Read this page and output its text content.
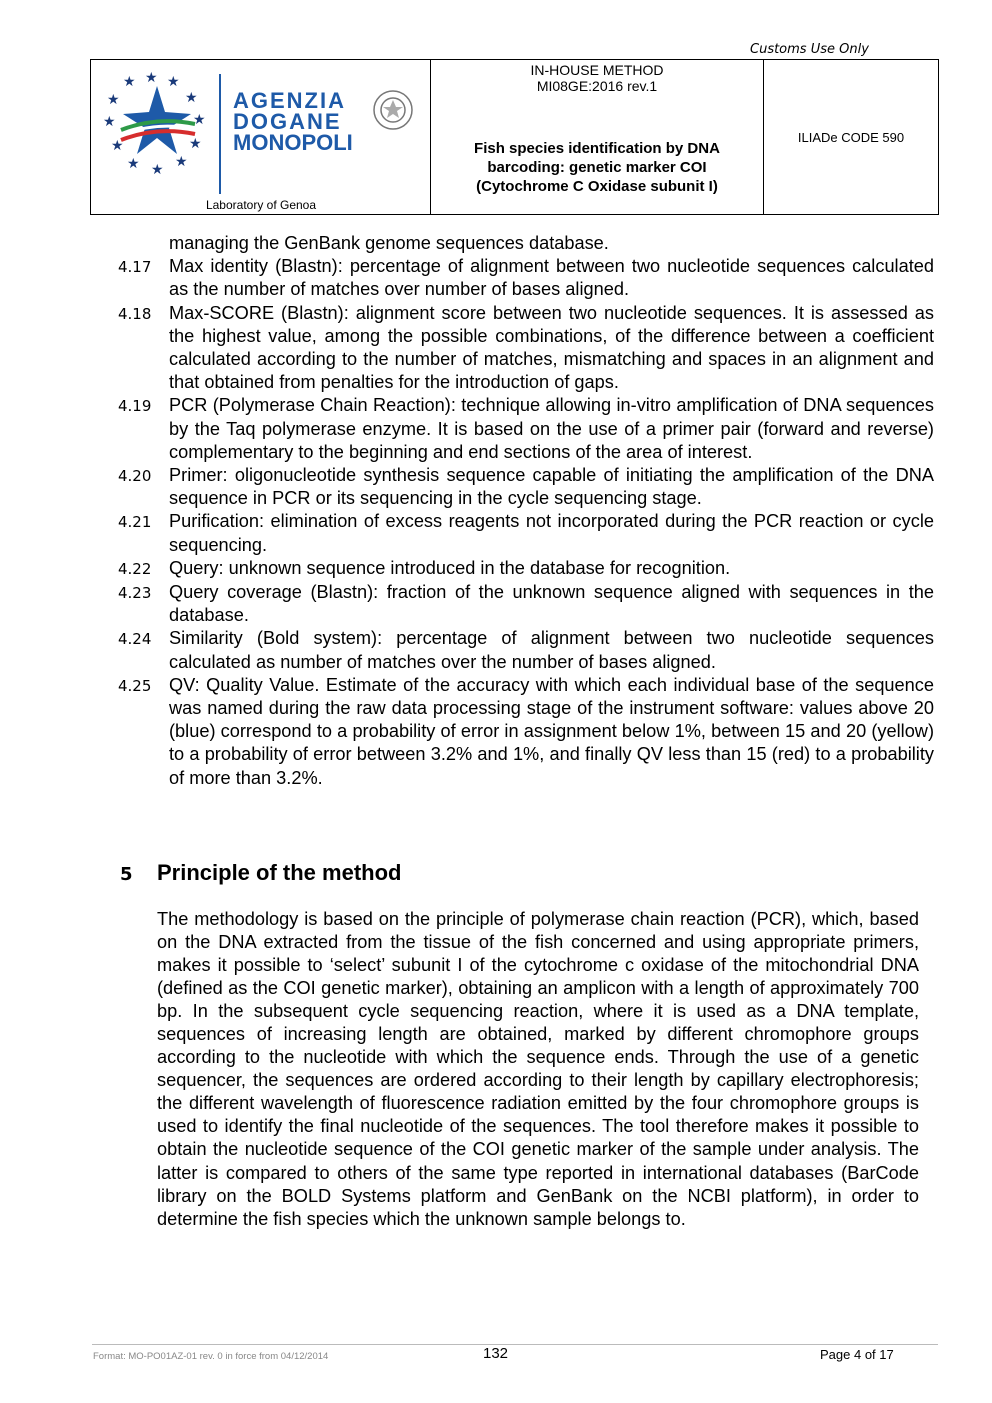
Customs Use Only
★ ★
★
★
★
★
★
★
★
★
★
★
AGENZIA
DOGANE
MONOPOLI
Laboratory of Genoa
IN-HOUSE METHOD
MI08GE:2016 rev.1
Fish species identification by DNA
barcoding: genetic marker COI
(Cytochrome C Oxidase subunit I)
ILIADe CODE 590
managing the GenBank genome sequences database.
4.17 Max identity (Blastn): percentage of alignment between two nucleotide sequences calculated as the number of matches over number of bases aligned.
4.18 Max-SCORE (Blastn): alignment score between two nucleotide sequences. It is assessed as the highest value, among the possible combinations, of the difference between a coefficient calculated according to the number of matches, mismatching and spaces in an alignment and that obtained from penalties for the introduction of gaps.
4.19 PCR (Polymerase Chain Reaction): technique allowing in-vitro amplification of DNA sequences by the Taq polymerase enzyme. It is based on the use of a primer pair (forward and reverse) complementary to the beginning and end sections of the area of interest.
4.20 Primer: oligonucleotide synthesis sequence capable of initiating the amplification of the DNA sequence in PCR or its sequencing in the cycle sequencing stage.
4.21 Purification: elimination of excess reagents not incorporated during the PCR reaction or cycle sequencing.
4.22 Query: unknown sequence introduced in the database for recognition.
4.23 Query coverage (Blastn): fraction of the unknown sequence aligned with sequences in the database.
4.24 Similarity (Bold system): percentage of alignment between two nucleotide sequences calculated as number of matches over the number of bases aligned.
4.25 QV: Quality Value. Estimate of the accuracy with which each individual base of the sequence was named during the raw data processing stage of the instrument software: values above 20 (blue) correspond to a probability of error in assignment below 1%, between 15 and 20 (yellow) to a probability of error between 3.2% and 1%, and finally QV less than 15 (red) to a probability of more than 3.2%.
5	Principle of the method
The methodology is based on the principle of polymerase chain reaction (PCR), which, based on the DNA extracted from the tissue of the fish concerned and using appropriate primers, makes it possible to ‘select’ subunit I of the cytochrome c oxidase of the mitochondrial DNA (defined as the COI genetic marker), obtaining an amplicon with a length of approximately 700 bp. In the subsequent cycle sequencing reaction, where it is used as a DNA template, sequences of increasing length are obtained, marked by different chromophore groups according to the nucleotide with which the sequence ends. Through the use of a genetic sequencer, the sequences are ordered according to their length by capillary electrophoresis; the different wavelength of fluorescence radiation emitted by the four chromophore groups is used to identify the final nucleotide of the sequences. The tool therefore makes it possible to obtain the nucleotide sequence of the COI genetic marker of the sample under analysis. The latter is compared to others of the same type reported in international databases (BarCode library on the BOLD Systems platform and GenBank on the NCBI platform), in order to determine the fish species which the unknown sample belongs to.
Format: MO-PO01AZ-01 rev. 0 in force from 04/12/2014	132	Page 4 of 17
